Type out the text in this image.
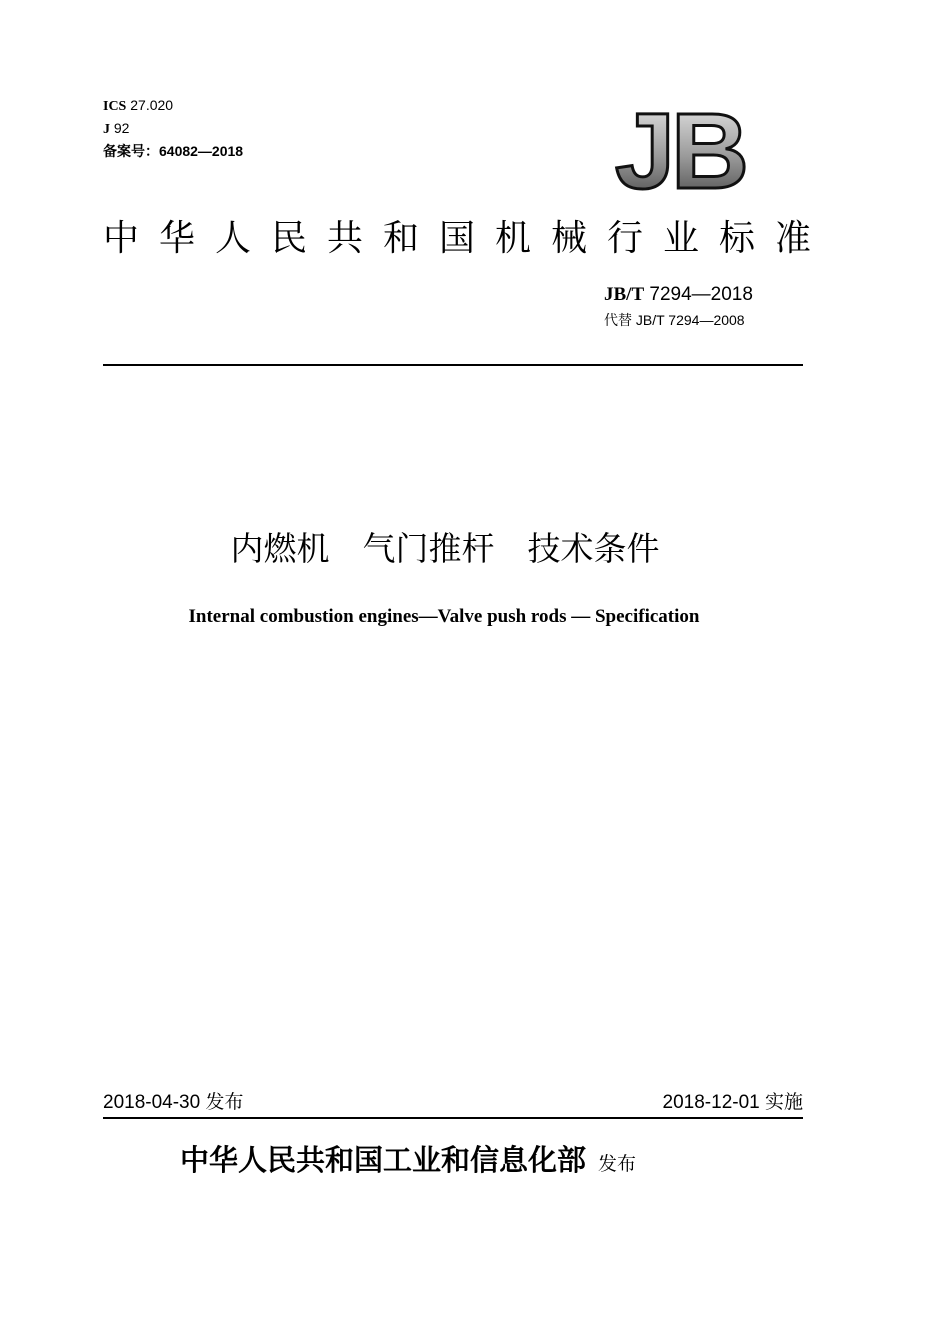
ICS 27.020
J 92
备案号：64082—2018	JB
中华人民共和国机械行业标准
JB/T 7294—2018
代替 JB/T 7294—2008
内燃机　气门推杆　技术条件
Internal combustion engines—Valve push rods — Specification
2018-04-30 发布	2018-12-01 实施
中华人民共和国工业和信息化部 发布
